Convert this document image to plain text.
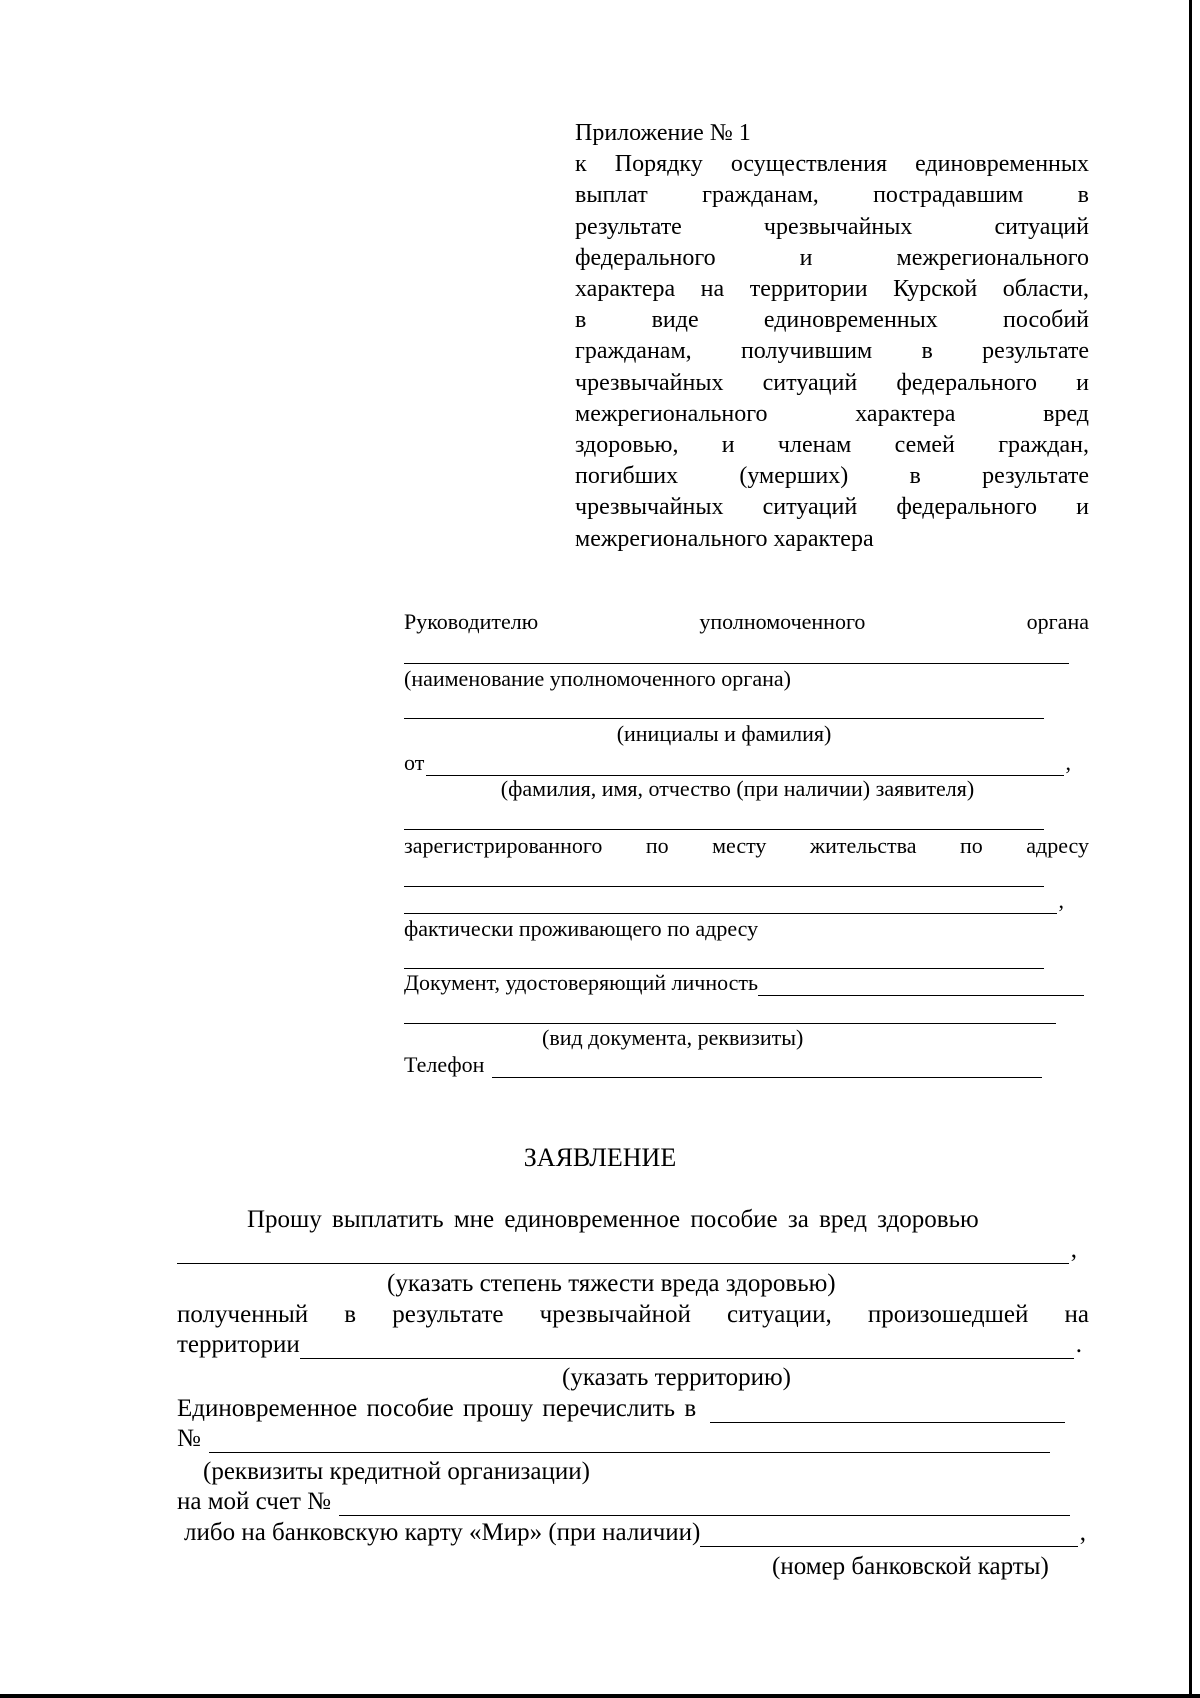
Приложение № 1
к Порядку осуществления единовременных
выплат гражданам, пострадавшим в
результате чрезвычайных ситуаций
федерального и межрегионального
характера на территории Курской области,
в виде единовременных пособий
гражданам, получившим в результате
чрезвычайных ситуаций федерального и
межрегионального характера вред
здоровью, и членам семей граждан,
погибших (умерших) в результате
чрезвычайных ситуаций федерального и
межрегионального характера
Руководителю	уполномоченного	органа
(наименование уполномоченного органа)
(инициалы и фамилия)
от	,
(фамилия, имя, отчество (при наличии) заявителя)
зарегистрированного по месту жительства по адресу
,
фактически проживающего по адресу
Документ, удостоверяющий личность
(вид документа, реквизиты)
Телефон
ЗАЯВЛЕНИЕ
Прошу выплатить мне единовременное пособие за вред здоровью
,
(указать степень тяжести вреда здоровью)
полученный в результате чрезвычайной ситуации, произошедшей на
территории	.
(указать территорию)
Единовременное пособие прошу перечислить в
№
(реквизиты кредитной организации)
на мой счет №
либо на банковскую карту «Мир» (при наличии)	,
(номер банковской карты)
